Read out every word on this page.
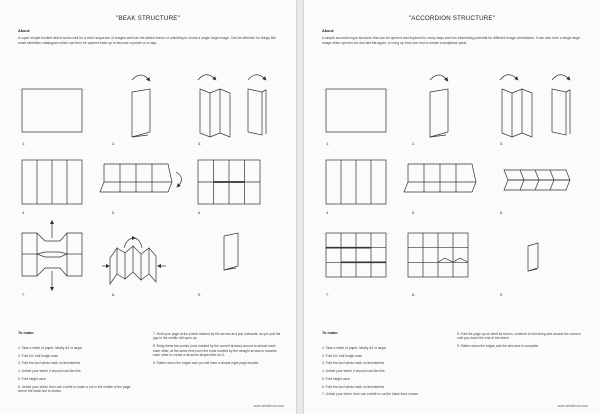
"BEAK STRUCTURE"
About:
A super simple booklet which works well for a short sequence of images and has the added bonus of unfolding to reveal a single large image. Can be effective for things like small exhibition catalogues which can then be opened back up to become a poster or a map.
1.	2.	3.
4.	5.	6.
7.	8.	9.
To make:
1. Take a sheet of paper, ideally A3 or larger.
2. Fold it in half length-wise.
3. Fold the two halves back on themselves.
4. Unfold your sheet, it should look like this.
5. Fold height-wise.
6. Unfold your sheet, then use a knife to make a cut in the middle of the page where the black line is shown.
7. Hold your page at the points marked by the arrows and pull outwards, as you pull the gap in the middle will open up.
8. Bring these two points (now marked by the curved arrows) around to almost meet each other, at the same time push the ends marked by the straight arrows in towards each other to create a structure shaped like an 8.
9. Flatten down the edges and you will have a simple eight page booklet.
www.lewisbush.com
"ACCORDION STRUCTURE"
About:
A simple accordion type structure that can be opened and explored in many ways and has interesting potential for different image orientations. It can also form a single large image when opened out and laid flat again, or hung up from one end to create a sculptural spiral.
1.	2.	3.
4.	5.	6.
7.	8.	9.
To make:
1. Take a sheet of paper, ideally A3 or larger.
2. Fold it in half length-wise.
3. Fold the two halves back on themselves.
4. Unfold your sheet, it should look like this.
5. Fold height-wise.
6. Fold the two halves back on themselves.
7. Unfold your sheet, then use a knife to cut the black lines shown.
8. Fold the page up on itself as shown, continue to fold along and around the corners until you reach the end of the sheet.
9. Flatten down the edges and the structure is complete.
www.lewisbush.com
